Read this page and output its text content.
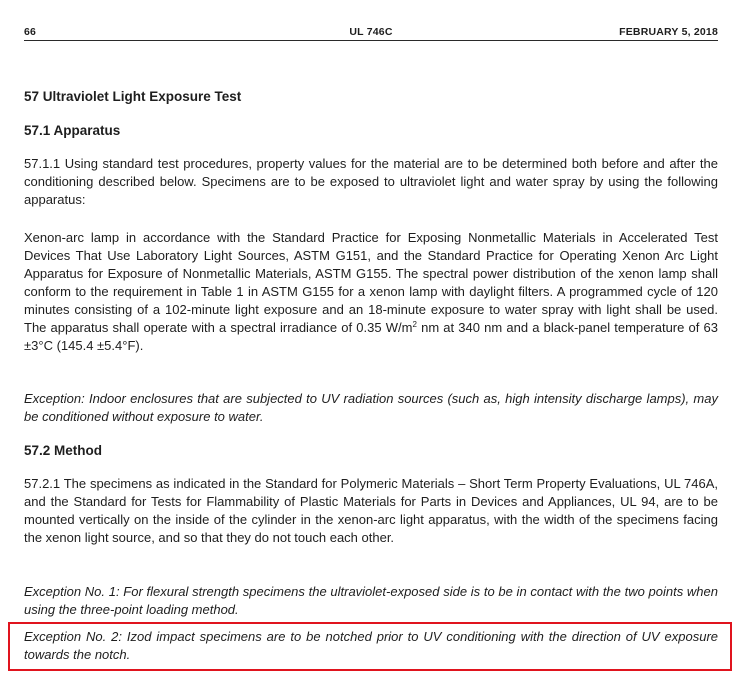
66	UL 746C	FEBRUARY 5, 2018
57 Ultraviolet Light Exposure Test
57.1 Apparatus

57.1.1 Using standard test procedures, property values for the material are to be determined both before and after the conditioning described below. Specimens are to be exposed to ultraviolet light and water spray by using the following apparatus:

Xenon-arc lamp in accordance with the Standard Practice for Exposing Nonmetallic Materials in Accelerated Test Devices That Use Laboratory Light Sources, ASTM G151, and the Standard Practice for Operating Xenon Arc Light Apparatus for Exposure of Nonmetallic Materials, ASTM G155. The spectral power distribution of the xenon lamp shall conform to the requirement in Table 1 in ASTM G155 for a xenon lamp with daylight filters. A programmed cycle of 120 minutes consisting of a 102-minute light exposure and an 18-minute exposure to water spray with light shall be used. The apparatus shall operate with a spectral irradiance of 0.35 $W/m^2$ nm at 340 nm and a black-panel temperature of 63 ±3°C (145.4 ±5.4°F).

Exception: Indoor enclosures that are subjected to UV radiation sources (such as, high intensity discharge lamps), may be conditioned without exposure to water.

57.2 Method

57.2.1 The specimens as indicated in the Standard for Polymeric Materials – Short Term Property Evaluations, UL 746A, and the Standard for Tests for Flammability of Plastic Materials for Parts in Devices and Appliances, UL 94, are to be mounted vertically on the inside of the cylinder in the xenon-arc light apparatus, with the width of the specimens facing the xenon light source, and so that they do not touch each other.

Exception No. 1: For flexural strength specimens the ultraviolet-exposed side is to be in contact with the two points when using the three-point loading method.

Exception No. 2: Izod impact specimens are to be notched prior to UV conditioning with the direction of UV exposure towards the notch.
